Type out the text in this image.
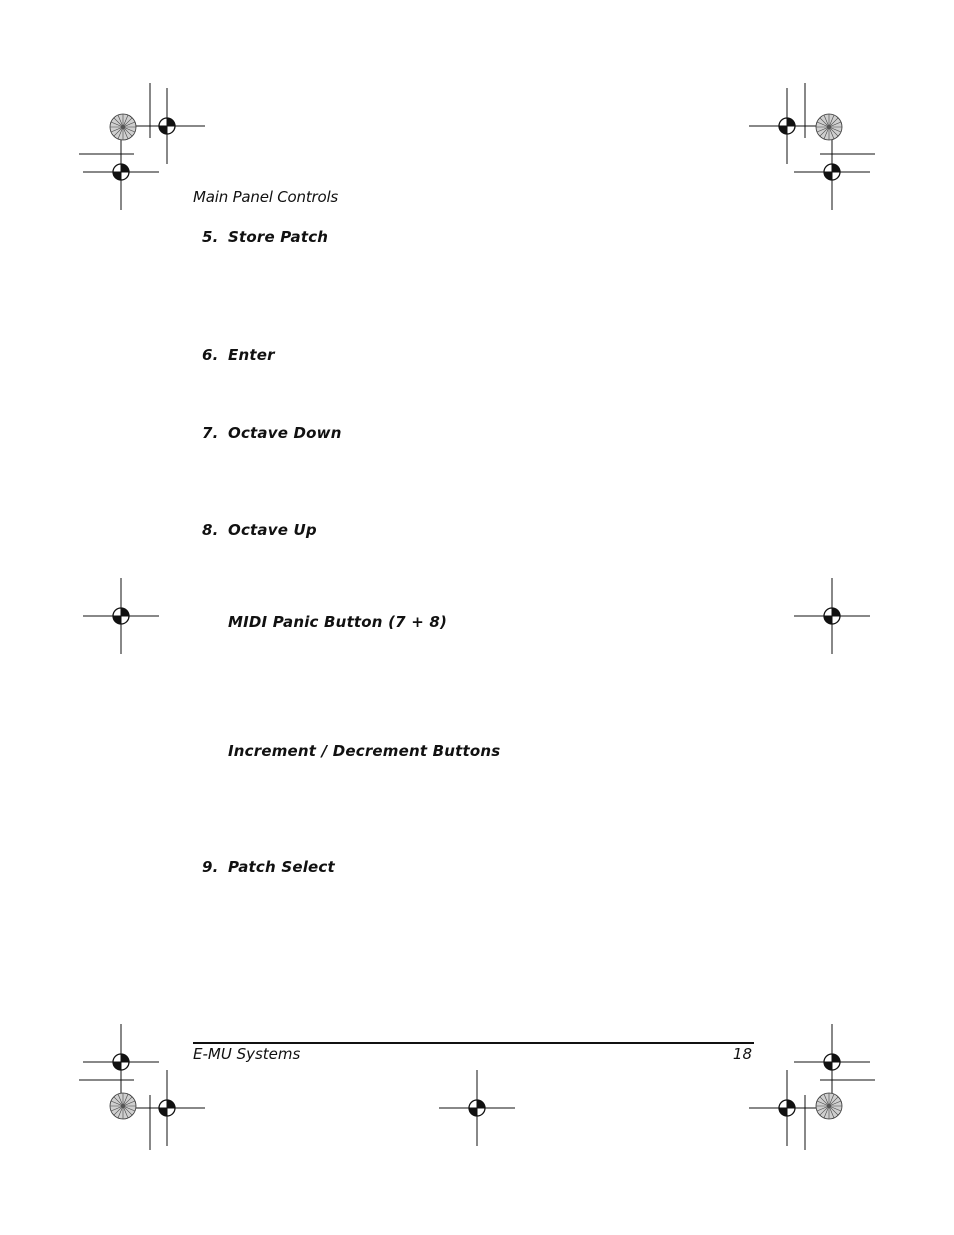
Main Panel Controls
5. Store Patch
6. Enter
7. Octave Down
8. Octave Up
MIDI Panic Button (7 + 8)
Increment / Decrement Buttons
9. Patch Select
E-MU Systems	18
